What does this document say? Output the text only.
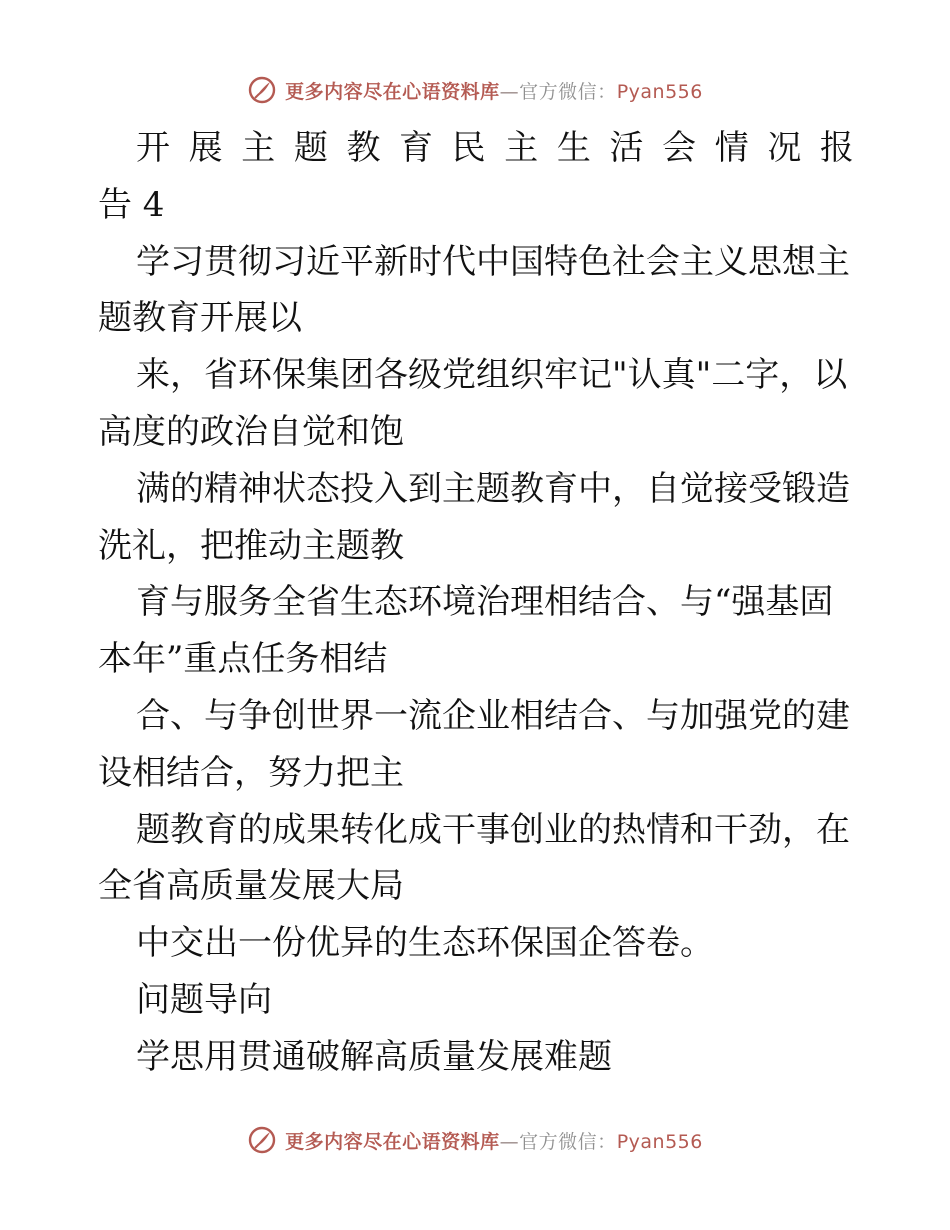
更多内容尽在心语资料库—官方微信：Pyan556
开 展 主 题 教 育 民 主 生 活 会 情 况 报
告 4
学习贯彻习近平新时代中国特色社会主义思想主
题教育开展以
来，省环保集团各级党组织牢记"认真"二字，以
高度的政治自觉和饱
满的精神状态投入到主题教育中，自觉接受锻造
洗礼，把推动主题教
育与服务全省生态环境治理相结合、与“强基固
本年”重点任务相结
合、与争创世界一流企业相结合、与加强党的建
设相结合，努力把主
题教育的成果转化成干事创业的热情和干劲，在
全省高质量发展大局
中交出一份优异的生态环保国企答卷。
问题导向
学思用贯通破解高质量发展难题
更多内容尽在心语资料库—官方微信：Pyan556
